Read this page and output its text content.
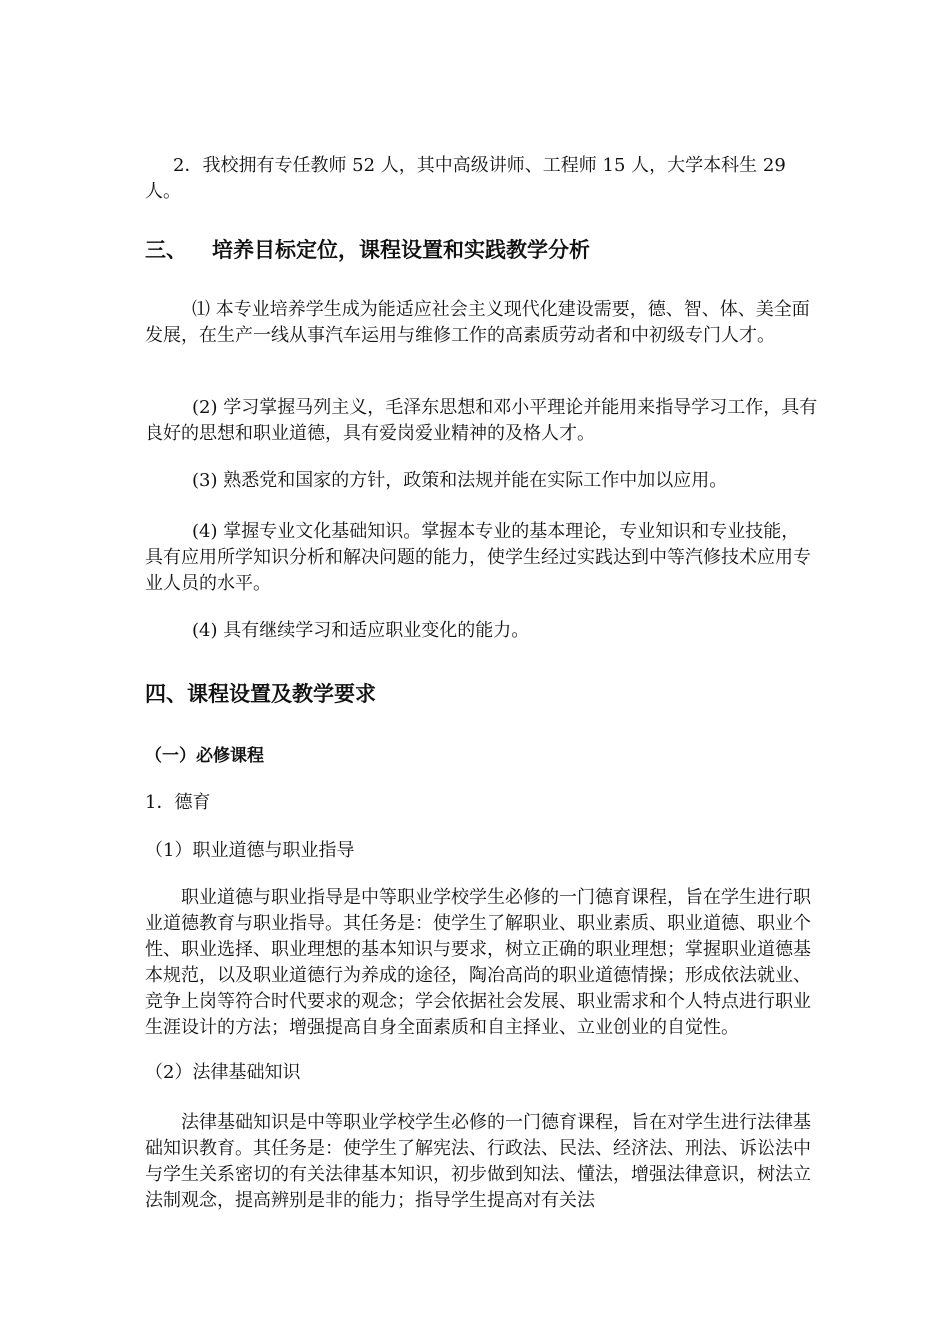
2．我校拥有专任教师 52 人，其中高级讲师、工程师 15 人，大学本科生 29 人。

三、 培养目标定位，课程设置和实践教学分析

⑴ 本专业培养学生成为能适应社会主义现代化建设需要，德、智、体、美全面发展，在生产一线从事汽车运用与维修工作的高素质劳动者和中初级专门人才。

(2) 学习掌握马列主义，毛泽东思想和邓小平理论并能用来指导学习工作，具有良好的思想和职业道德，具有爱岗爱业精神的及格人才。

(3) 熟悉党和国家的方针，政策和法规并能在实际工作中加以应用。

(4) 掌握专业文化基础知识。掌握本专业的基本理论，专业知识和专业技能，具有应用所学知识分析和解决问题的能力，使学生经过实践达到中等汽修技术应用专业人员的水平。

(4) 具有继续学习和适应职业变化的能力。

四、课程设置及教学要求

（一）必修课程

1．德育

（1）职业道德与职业指导

职业道德与职业指导是中等职业学校学生必修的一门德育课程，旨在学生进行职业道德教育与职业指导。其任务是：使学生了解职业、职业素质、职业道德、职业个性、职业选择、职业理想的基本知识与要求，树立正确的职业理想；掌握职业道德基本规范，以及职业道德行为养成的途径，陶冶高尚的职业道德情操；形成依法就业、竞争上岗等符合时代要求的观念；学会依据社会发展、职业需求和个人特点进行职业生涯设计的方法；增强提高自身全面素质和自主择业、立业创业的自觉性。

（2）法律基础知识

法律基础知识是中等职业学校学生必修的一门德育课程，旨在对学生进行法律基础知识教育。其任务是：使学生了解宪法、行政法、民法、经济法、刑法、诉讼法中与学生关系密切的有关法律基本知识，初步做到知法、懂法，增强法律意识，树法立法制观念，提高辨别是非的能力；指导学生提高对有关法
